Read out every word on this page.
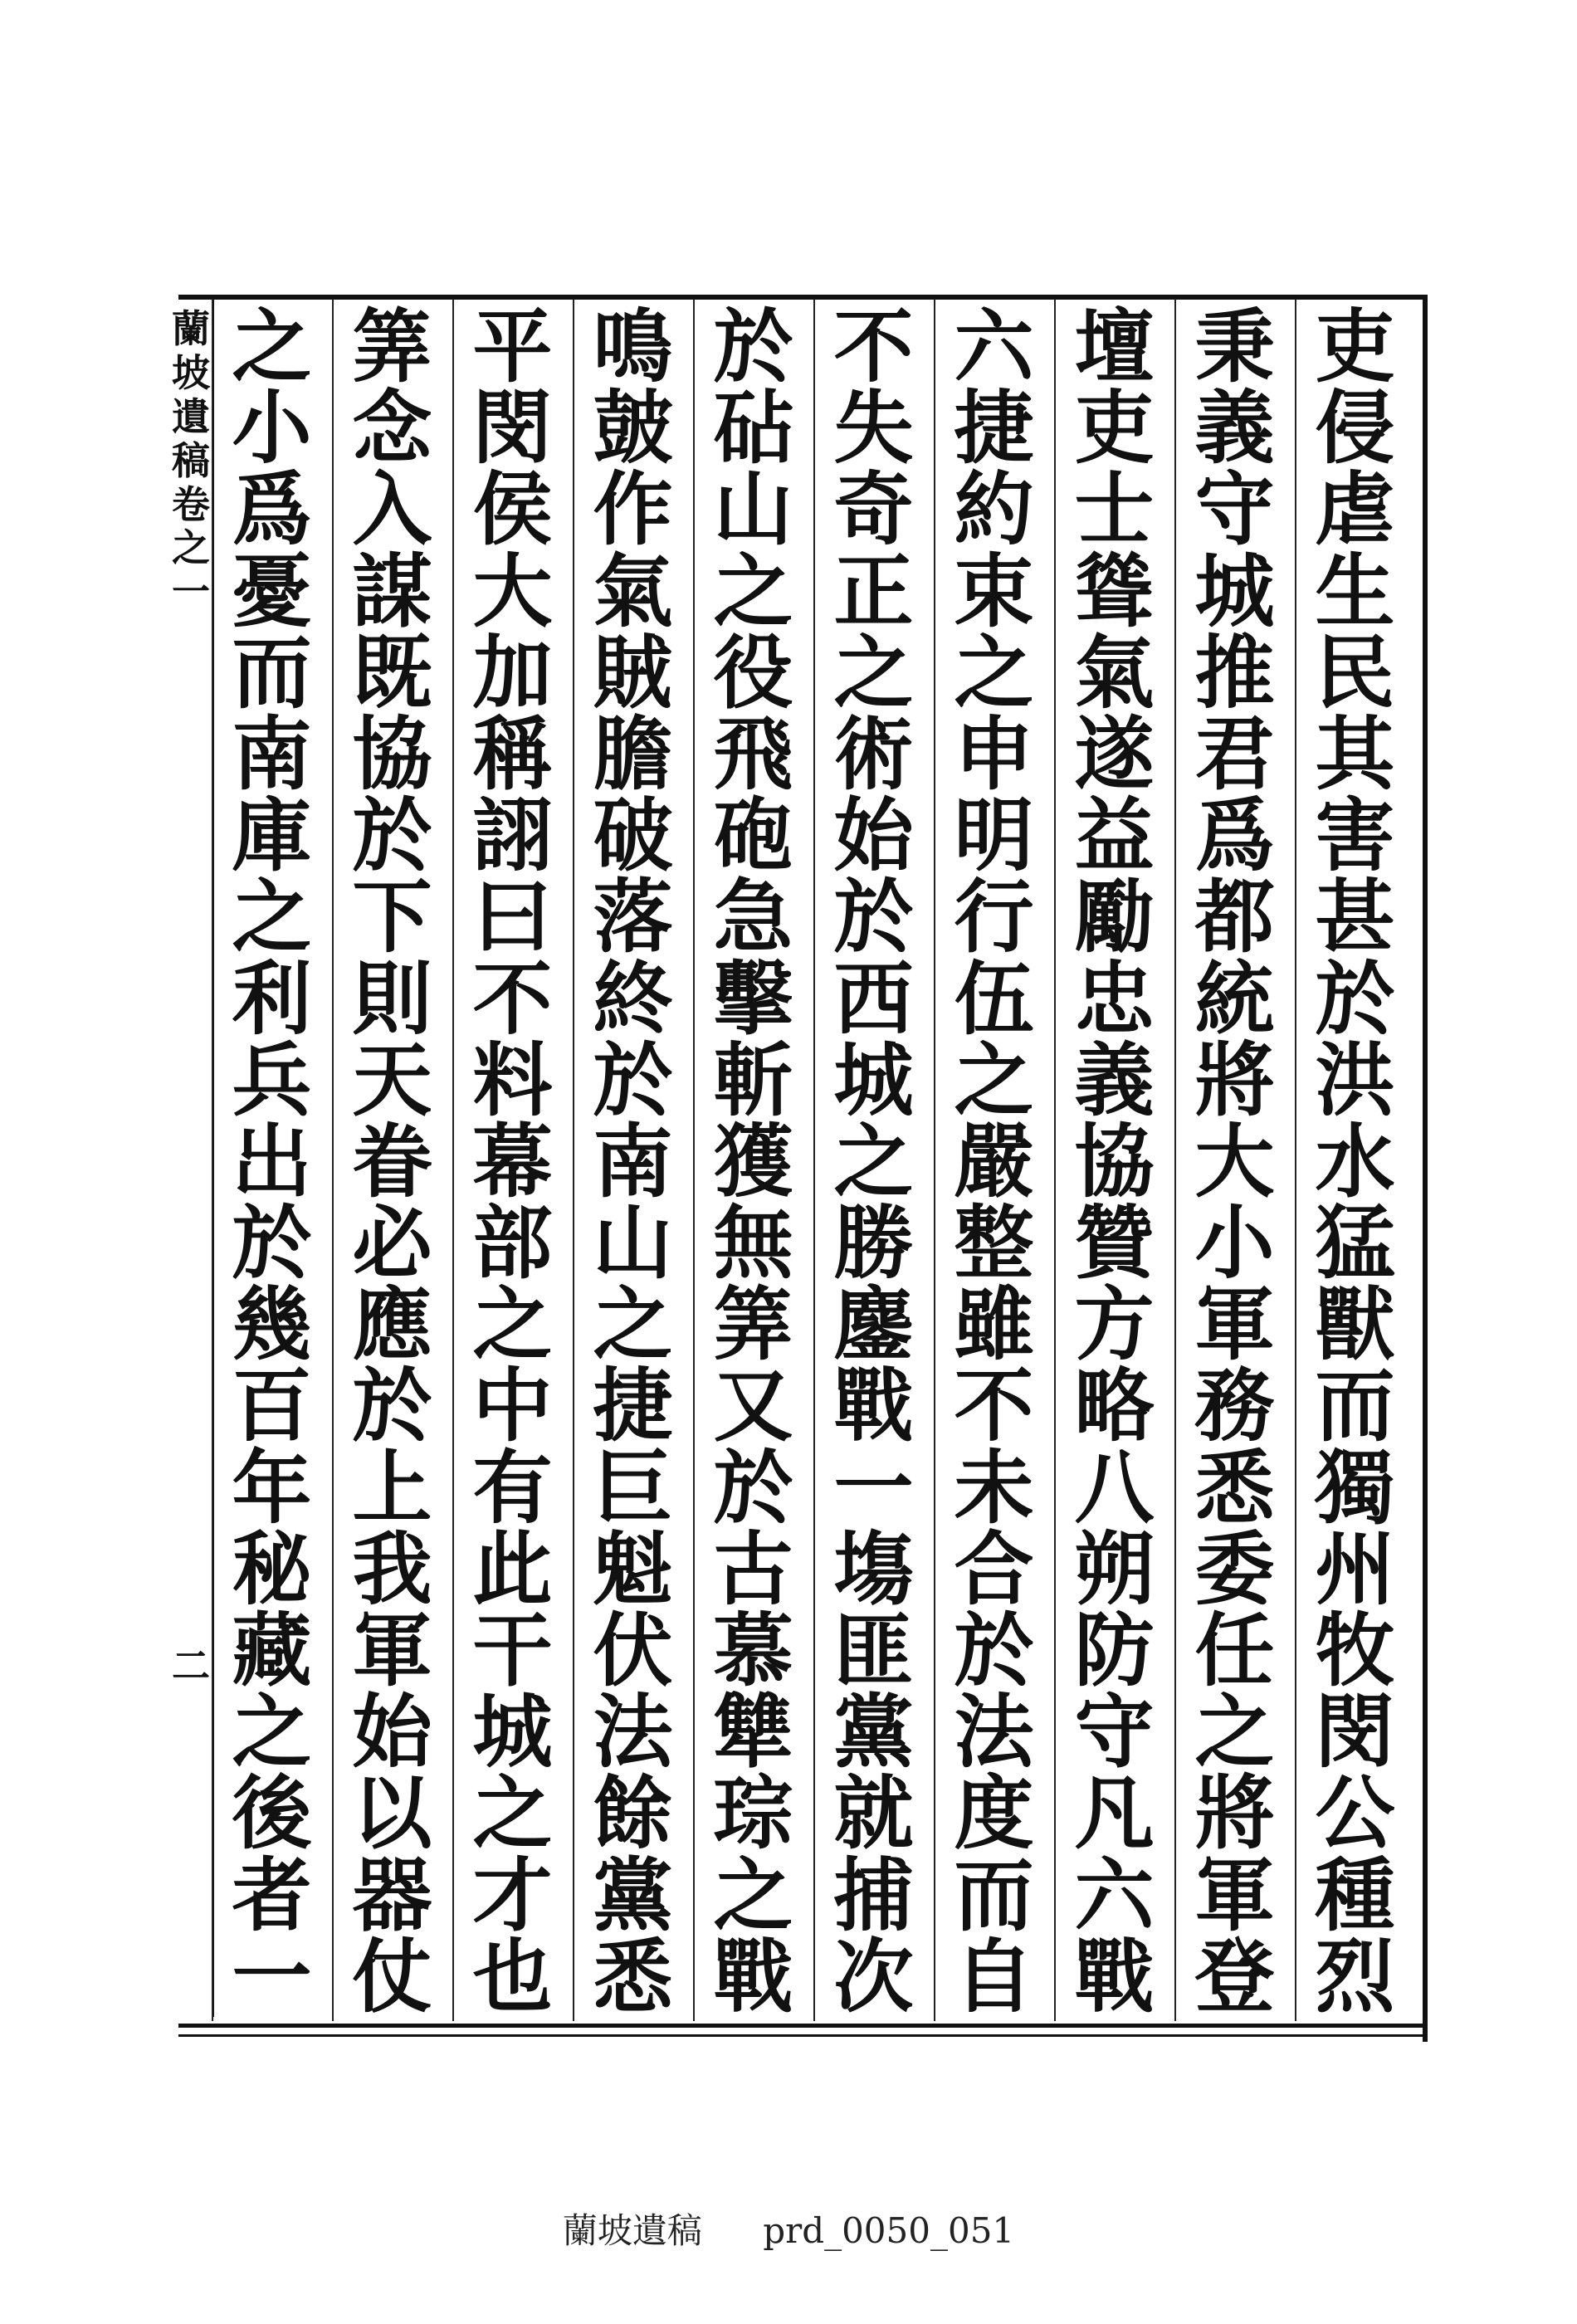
蘭
坡
遺
稿
卷
之
一
二
吏
侵
虐
生
民
其
害
甚
於
洪
水
猛
獸
而
獨
州
牧
閔
公
種
烈
秉
義
守
城
推
君
爲
都
統
將
大
小
軍
務
悉
委
任
之
將
軍
登
壇
吏
士
聳
氣
遂
益
勵
忠
義
協
贊
方
略
八
朔
防
守
凡
六
戰
六
捷
約
束
之
申
明
行
伍
之
嚴
整
雖
不
未
合
於
法
度
而
自
不
失
奇
正
之
術
始
於
西
城
之
勝
鏖
戰
一
塲
匪
黨
就
捕
次
於
砧
山
之
役
飛
砲
急
擊
斬
獲
無
筭
又
於
古
慕
犨
琮
之
戰
鳴
皷
作
氣
賊
膽
破
落
終
於
南
山
之
捷
巨
魁
伏
法
餘
黨
悉
平
閔
侯
大
加
稱
詡
曰
不
料
幕
部
之
中
有
此
干
城
之
才
也
筭
念
入
謀
既
協
於
下
則
天
眷
必
應
於
上
我
軍
始
以
器
仗
之
小
爲
憂
而
南
庫
之
利
兵
出
於
幾
百
年
秘
藏
之
後
者
一
蘭坡遺稿 prd_0050_051
